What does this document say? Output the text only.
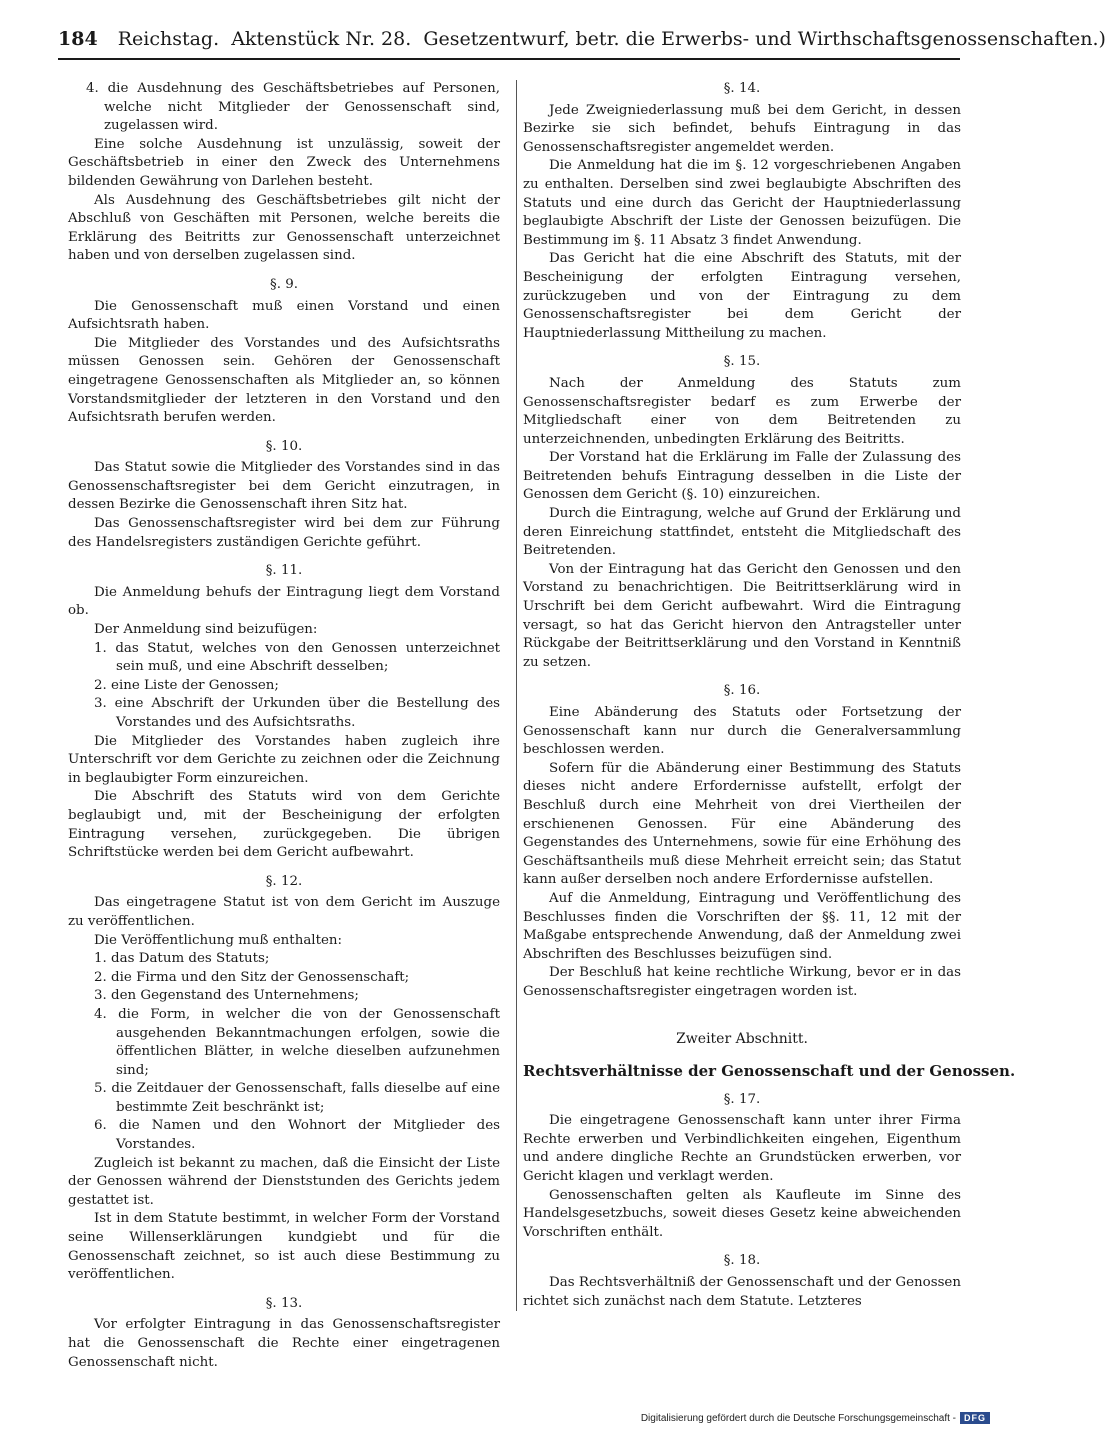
184 Reichstag. Aktenstück Nr. 28. Gesetzentwurf, betr. die Erwerbs- und Wirthschaftsgenossenschaften.)

4. die Ausdehnung des Geschäftsbetriebes auf Personen, welche nicht Mitglieder der Genossenschaft sind, zugelassen wird.

Eine solche Ausdehnung ist unzulässig, soweit der Geschäftsbetrieb in einer den Zweck des Unternehmens bildenden Gewährung von Darlehen besteht.

Als Ausdehnung des Geschäftsbetriebes gilt nicht der Abschluß von Geschäften mit Personen, welche bereits die Erklärung des Beitritts zur Genossenschaft unterzeichnet haben und von derselben zugelassen sind.

§. 9.

Die Genossenschaft muß einen Vorstand und einen Aufsichtsrath haben.

Die Mitglieder des Vorstandes und des Aufsichtsraths müssen Genossen sein. Gehören der Genossenschaft eingetragene Genossenschaften als Mitglieder an, so können Vorstandsmitglieder der letzteren in den Vorstand und den Aufsichtsrath berufen werden.

§. 10.

Das Statut sowie die Mitglieder des Vorstandes sind in das Genossenschaftsregister bei dem Gericht einzutragen, in dessen Bezirke die Genossenschaft ihren Sitz hat.

Das Genossenschaftsregister wird bei dem zur Führung des Handelsregisters zuständigen Gerichte geführt.

§. 11.

Die Anmeldung behufs der Eintragung liegt dem Vorstand ob.

Der Anmeldung sind beizufügen:

1. das Statut, welches von den Genossen unterzeichnet sein muß, und eine Abschrift desselben;
2. eine Liste der Genossen;
3. eine Abschrift der Urkunden über die Bestellung des Vorstandes und des Aufsichtsraths.

Die Mitglieder des Vorstandes haben zugleich ihre Unterschrift vor dem Gerichte zu zeichnen oder die Zeichnung in beglaubigter Form einzureichen.

Die Abschrift des Statuts wird von dem Gerichte beglaubigt und, mit der Bescheinigung der erfolgten Eintragung versehen, zurückgegeben. Die übrigen Schriftstücke werden bei dem Gericht aufbewahrt.

§. 12.

Das eingetragene Statut ist von dem Gericht im Auszuge zu veröffentlichen.

Die Veröffentlichung muß enthalten:

1. das Datum des Statuts;
2. die Firma und den Sitz der Genossenschaft;
3. den Gegenstand des Unternehmens;
4. die Form, in welcher die von der Genossenschaft ausgehenden Bekanntmachungen erfolgen, sowie die öffentlichen Blätter, in welche dieselben aufzunehmen sind;
5. die Zeitdauer der Genossenschaft, falls dieselbe auf eine bestimmte Zeit beschränkt ist;
6. die Namen und den Wohnort der Mitglieder des Vorstandes.

Zugleich ist bekannt zu machen, daß die Einsicht der Liste der Genossen während der Dienststunden des Gerichts jedem gestattet ist.

Ist in dem Statute bestimmt, in welcher Form der Vorstand seine Willenserklärungen kundgiebt und für die Genossenschaft zeichnet, so ist auch diese Bestimmung zu veröffentlichen.

§. 13.

Vor erfolgter Eintragung in das Genossenschaftsregister hat die Genossenschaft die Rechte einer eingetragenen Genossenschaft nicht.

§. 14.

Jede Zweigniederlassung muß bei dem Gericht, in dessen Bezirke sie sich befindet, behufs Eintragung in das Genossenschaftsregister angemeldet werden.

Die Anmeldung hat die im §. 12 vorgeschriebenen Angaben zu enthalten. Derselben sind zwei beglaubigte Abschriften des Statuts und eine durch das Gericht der Hauptniederlassung beglaubigte Abschrift der Liste der Genossen beizufügen. Die Bestimmung im §. 11 Absatz 3 findet Anwendung.

Das Gericht hat die eine Abschrift des Statuts, mit der Bescheinigung der erfolgten Eintragung versehen, zurückzugeben und von der Eintragung zu dem Genossenschaftsregister bei dem Gericht der Hauptniederlassung Mittheilung zu machen.

§. 15.

Nach der Anmeldung des Statuts zum Genossenschaftsregister bedarf es zum Erwerbe der Mitgliedschaft einer von dem Beitretenden zu unterzeichnenden, unbedingten Erklärung des Beitritts.

Der Vorstand hat die Erklärung im Falle der Zulassung des Beitretenden behufs Eintragung desselben in die Liste der Genossen dem Gericht (§. 10) einzureichen.

Durch die Eintragung, welche auf Grund der Erklärung und deren Einreichung stattfindet, entsteht die Mitgliedschaft des Beitretenden.

Von der Eintragung hat das Gericht den Genossen und den Vorstand zu benachrichtigen. Die Beitrittserklärung wird in Urschrift bei dem Gericht aufbewahrt. Wird die Eintragung versagt, so hat das Gericht hiervon den Antragsteller unter Rückgabe der Beitrittserklärung und den Vorstand in Kenntniß zu setzen.

§. 16.

Eine Abänderung des Statuts oder Fortsetzung der Genossenschaft kann nur durch die Generalversammlung beschlossen werden.

Sofern für die Abänderung einer Bestimmung des Statuts dieses nicht andere Erfordernisse aufstellt, erfolgt der Beschluß durch eine Mehrheit von drei Viertheilen der erschienenen Genossen. Für eine Abänderung des Gegenstandes des Unternehmens, sowie für eine Erhöhung des Geschäftsantheils muß diese Mehrheit erreicht sein; das Statut kann außer derselben noch andere Erfordernisse aufstellen.

Auf die Anmeldung, Eintragung und Veröffentlichung des Beschlusses finden die Vorschriften der §§. 11, 12 mit der Maßgabe entsprechende Anwendung, daß der Anmeldung zwei Abschriften des Beschlusses beizufügen sind.

Der Beschluß hat keine rechtliche Wirkung, bevor er in das Genossenschaftsregister eingetragen worden ist.

Zweiter Abschnitt.
Rechtsverhältnisse der Genossenschaft und der Genossen.
§. 17.

Die eingetragene Genossenschaft kann unter ihrer Firma Rechte erwerben und Verbindlichkeiten eingehen, Eigenthum und andere dingliche Rechte an Grundstücken erwerben, vor Gericht klagen und verklagt werden.

Genossenschaften gelten als Kaufleute im Sinne des Handelsgesetzbuchs, soweit dieses Gesetz keine abweichenden Vorschriften enthält.

§. 18.

Das Rechtsverhältniß der Genossenschaft und der Genossen richtet sich zunächst nach dem Statute. Letzteres

Digitalisierung gefördert durch die Deutsche Forschungsgemeinschaft - DFG
